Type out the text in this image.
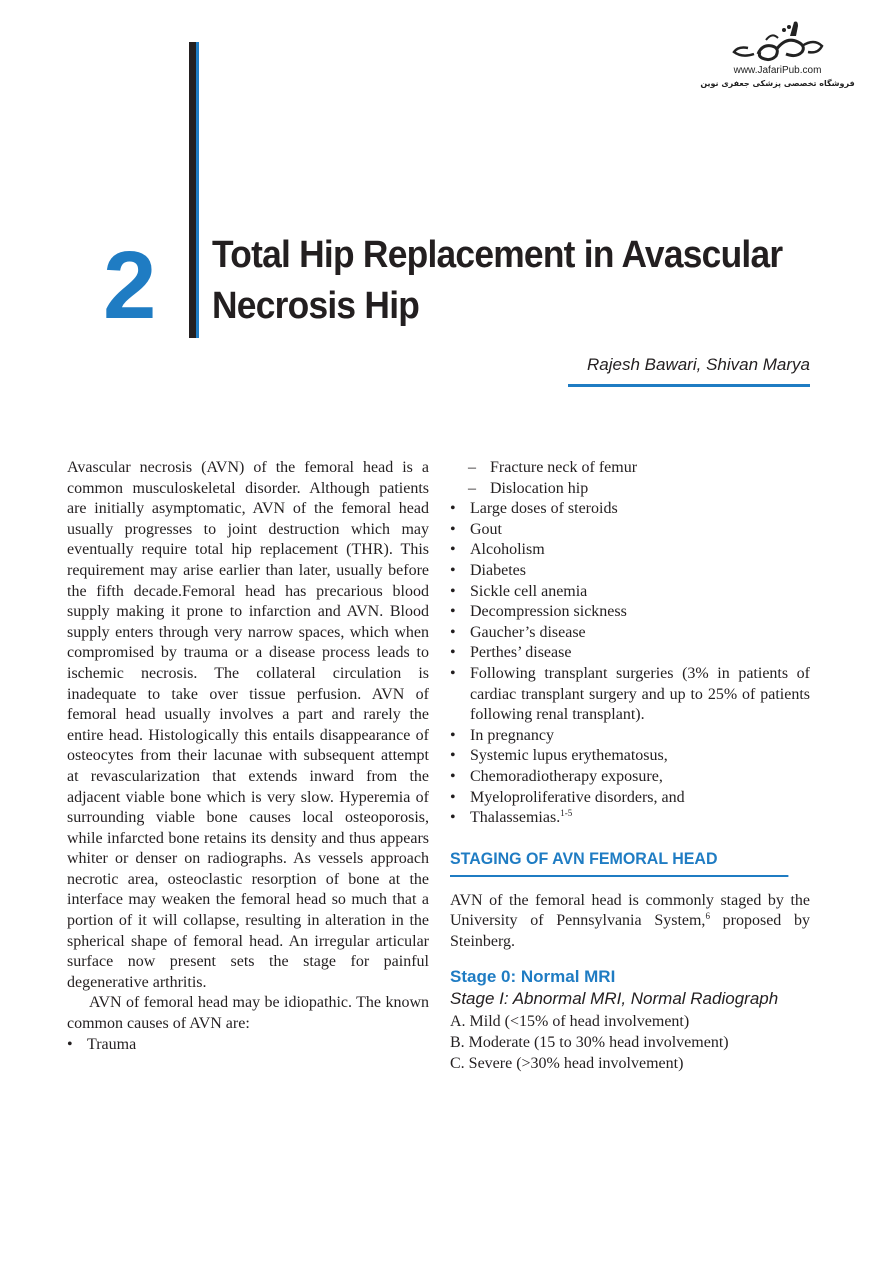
www.JafariPub.com
فروشگاه تخصصی پزشکی جعفری نوین
2 Total Hip Replacement in Avascular
Necrosis Hip
Rajesh Bawari, Shivan Marya

Avascular necrosis (AVN) of the femoral head is a common musculoskeletal disorder. Although patients are initially asymptomatic, AVN of the femoral head usually progresses to joint destruction which may eventually require total hip replacement (THR). This requirement may arise earlier than later, usually before the fifth decade.Femoral head has precarious blood supply making it prone to infarction and AVN. Blood supply enters through very narrow spaces, which when compromised by trauma or a disease process leads to ischemic necrosis. The collateral circulation is inadequate to take over tissue perfusion. AVN of femoral head usually involves a part and rarely the entire head. Histologically this entails disappearance of osteocytes from their lacunae with subsequent attempt at revascularization that extends inward from the adjacent viable bone which is very slow. Hyperemia of surrounding viable bone causes local osteoporosis, while infarcted bone retains its density and thus appears whiter or denser on radiographs. As vessels approach necrotic area, osteoclastic resorption of bone at the interface may weaken the femoral head so much that a portion of it will collapse, resulting in alteration in the spherical shape of femoral head. An irregular articular surface now present sets the stage for painful degenerative arthritis.

AVN of femoral head may be idiopathic. The known common causes of AVN are:

• Trauma
– Fracture neck of femur
– Dislocation hip
• Large doses of steroids
• Gout
• Alcoholism
• Diabetes
• Sickle cell anemia
• Decompression sickness
• Gaucher’s disease
• Perthes’ disease
• Following transplant surgeries (3% in patients of cardiac transplant surgery and up to 25% of patients following renal transplant).
• In pregnancy
• Systemic lupus erythematosus,
• Chemoradiotherapy exposure,
• Myeloproliferative disorders, and
• Thalassemias.$^{1-5}$
STAGING OF AVN FEMORAL HEAD

AVN of the femoral head is commonly staged by the University of Pennsylvania System,$^6$ proposed by Steinberg.

Stage 0: Normal MRI
Stage I: Abnormal MRI, Normal Radiograph
A. Mild (<15% of head involvement)
B. Moderate (15 to 30% head involvement)
C. Severe (>30% head involvement)
